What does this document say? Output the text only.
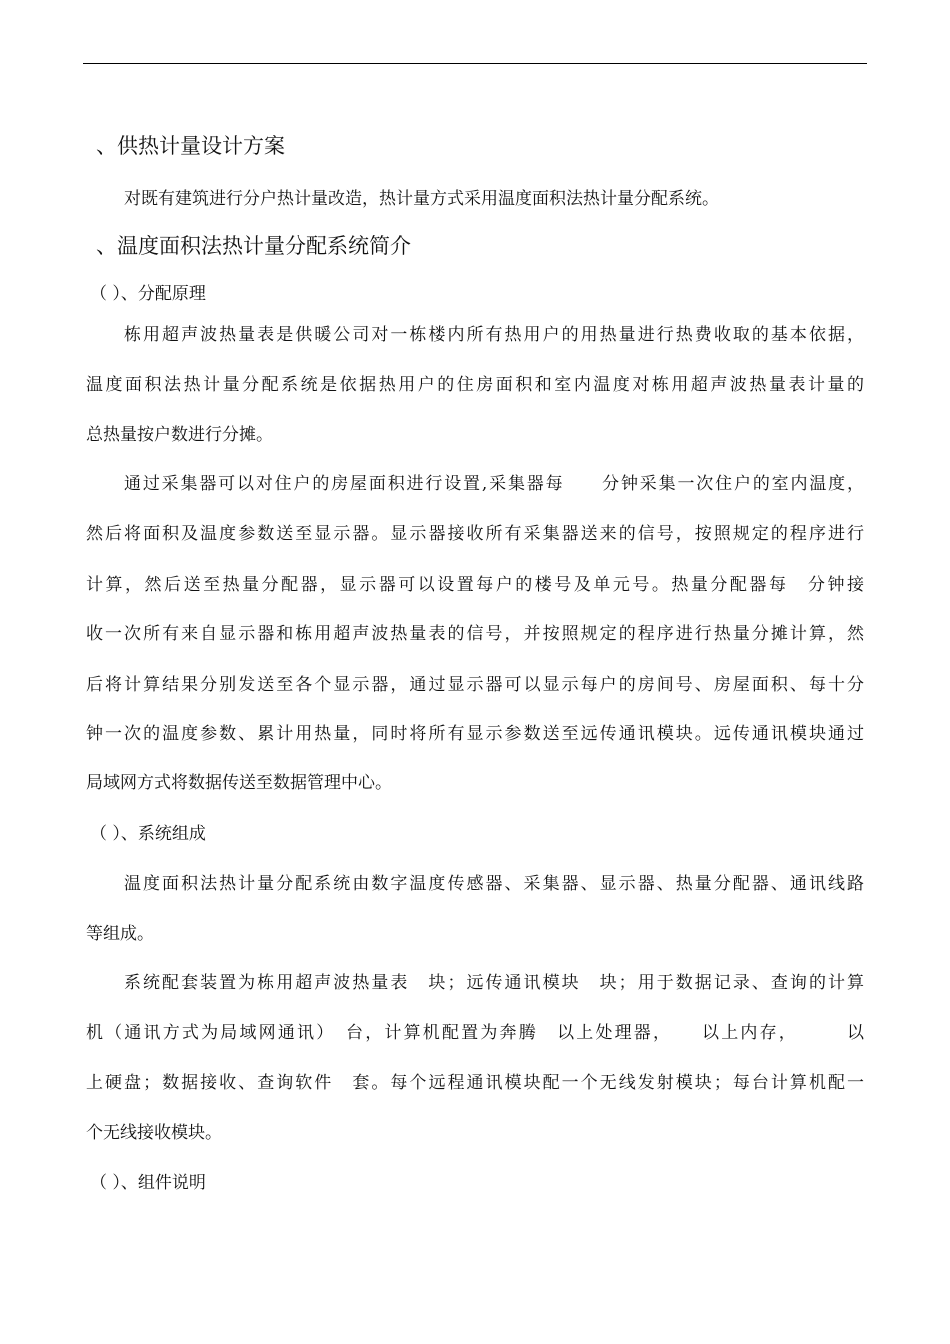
、供热计量设计方案
对既有建筑进行分户热计量改造，热计量方式采用温度面积法热计量分配系统。
、温度面积法热计量分配系统简介
（ ）、分配原理
栋用超声波热量表是供暖公司对一栋楼内所有热用户的用热量进行热费收取的基本依据，
温度面积法热计量分配系统是依据热用户的住房面积和室内温度对栋用超声波热量表计量的
总热量按户数进行分摊。
通过采集器可以对住户的房屋面积进行设置,采集器每　　分钟采集一次住户的室内温度，
然后将面积及温度参数送至显示器。显示器接收所有采集器送来的信号，按照规定的程序进行
计算，然后送至热量分配器，显示器可以设置每户的楼号及单元号。热量分配器每　分钟接
收一次所有来自显示器和栋用超声波热量表的信号，并按照规定的程序进行热量分摊计算，然
后将计算结果分别发送至各个显示器，通过显示器可以显示每户的房间号、房屋面积、每十分
钟一次的温度参数、累计用热量，同时将所有显示参数送至远传通讯模块。远传通讯模块通过
局域网方式将数据传送至数据管理中心。
（ ）、系统组成
温度面积法热计量分配系统由数字温度传感器、采集器、显示器、热量分配器、通讯线路
等组成。
系统配套装置为栋用超声波热量表　块；远传通讯模块　块；用于数据记录、查询的计算
机（通讯方式为局域网通讯）　台，计算机配置为奔腾　以上处理器，　　以上内存，　　　以
上硬盘；数据接收、查询软件　套。每个远程通讯模块配一个无线发射模块；每台计算机配一
个无线接收模块。
（ ）、组件说明
